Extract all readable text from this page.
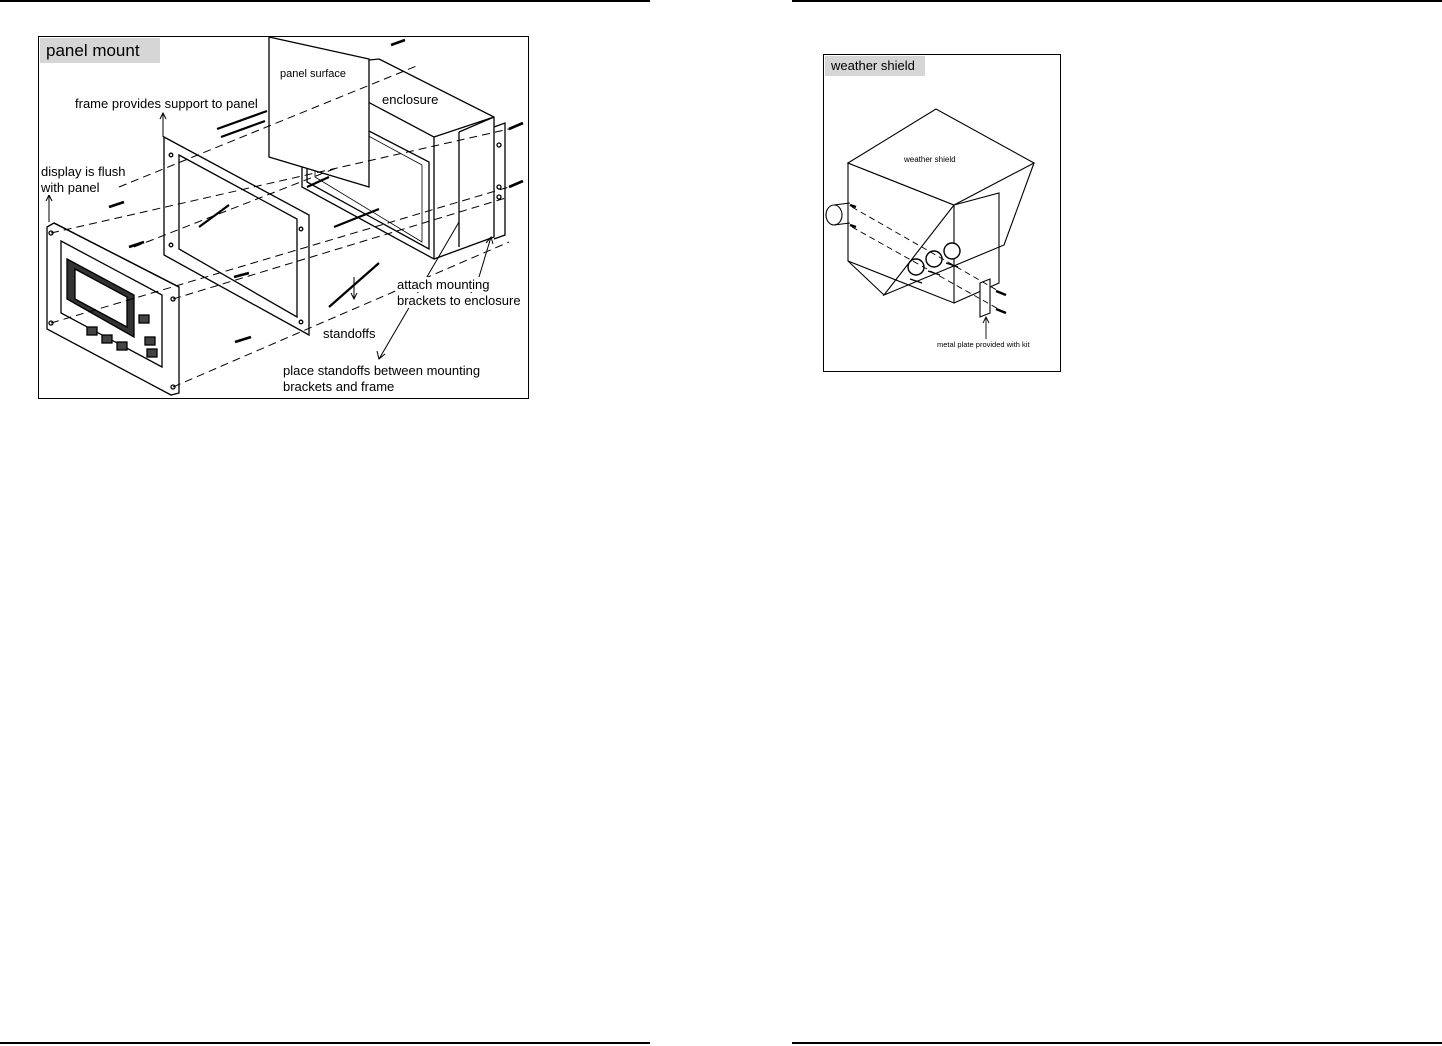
panel mount
panel surface
frame provides support to panel	enclosure
display is flush
with panel
attach mounting
brackets to enclosure
standoffs
place standoffs between mounting
brackets and frame
weather shield
weather shield
metal plate provided with kit
